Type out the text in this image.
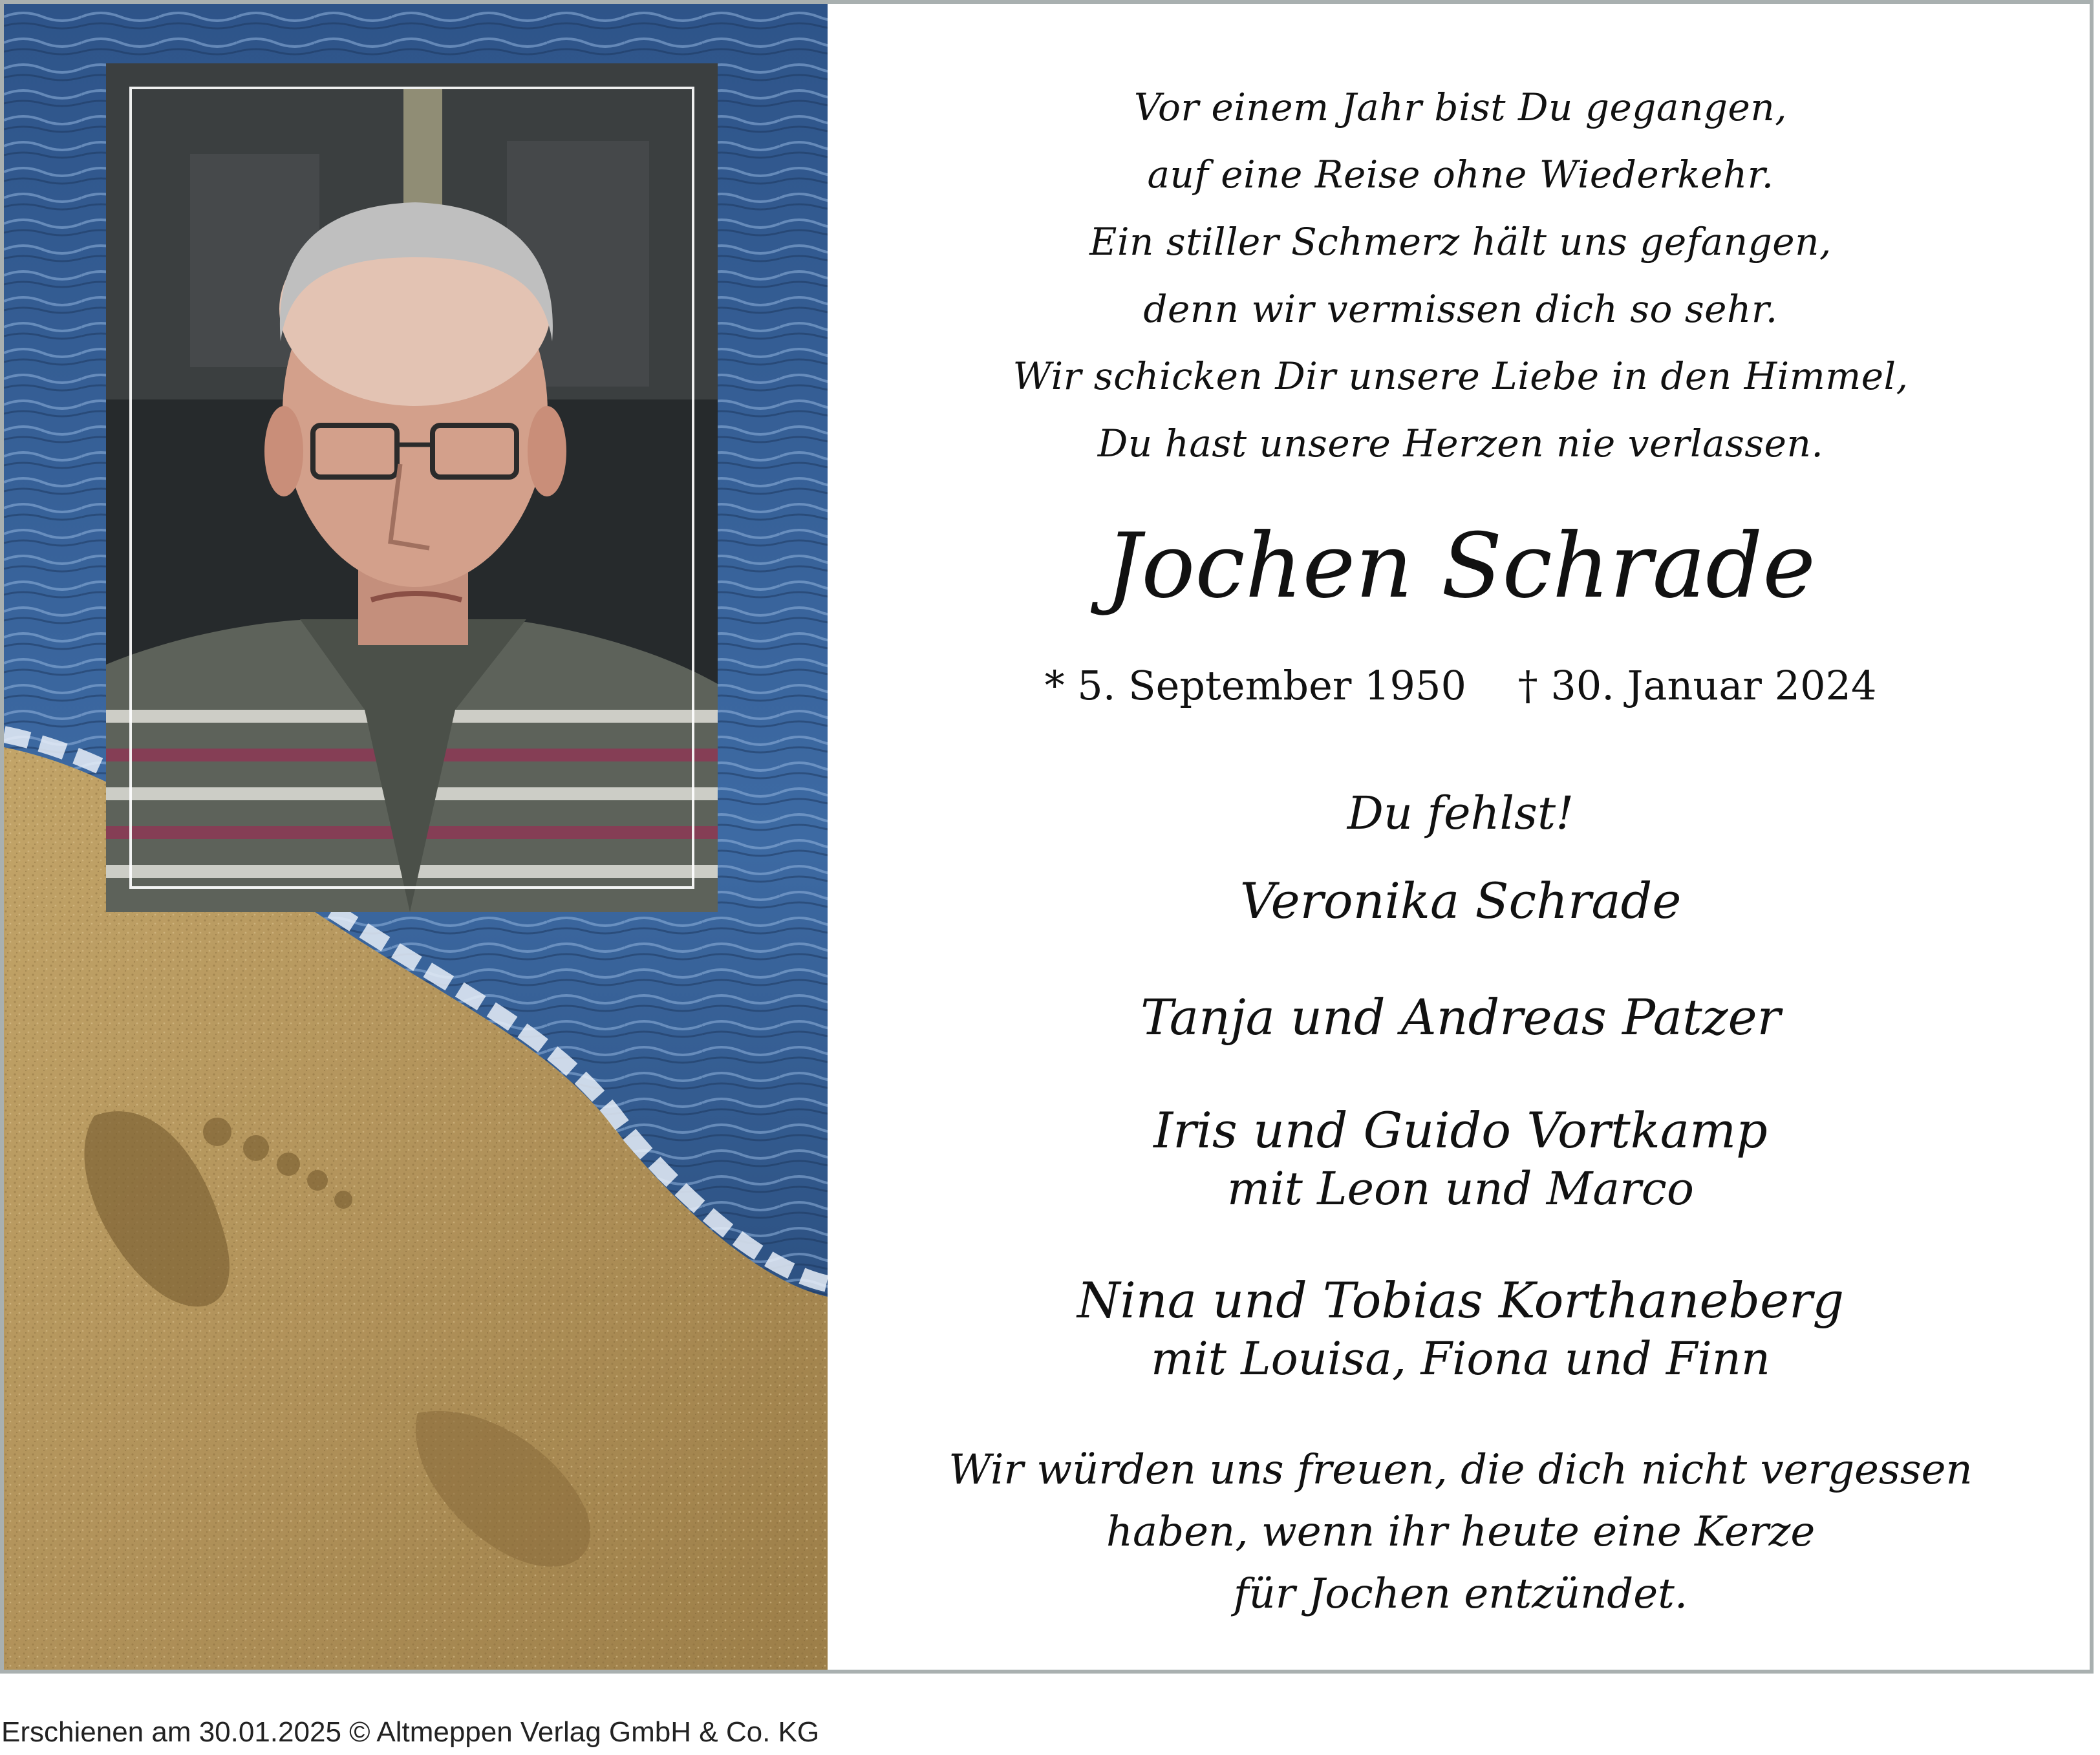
Vor einem Jahr bist Du gegangen,
auf eine Reise ohne Wiederkehr.
Ein stiller Schmerz hält uns gefangen,
denn wir vermissen dich so sehr.
Wir schicken Dir unsere Liebe in den Himmel,
Du hast unsere Herzen nie verlassen.
Jochen Schrade
* 5. September 1950 † 30. Januar 2024
Du fehlst!
Veronika Schrade
Tanja und Andreas Patzer
Iris und Guido Vortkamp
mit Leon und Marco
Nina und Tobias Korthaneberg
mit Louisa, Fiona und Finn
Wir würden uns freuen, die dich nicht vergessen
haben, wenn ihr heute eine Kerze
für Jochen entzündet.
Erschienen am 30.01.2025 © Altmeppen Verlag GmbH & Co. KG
